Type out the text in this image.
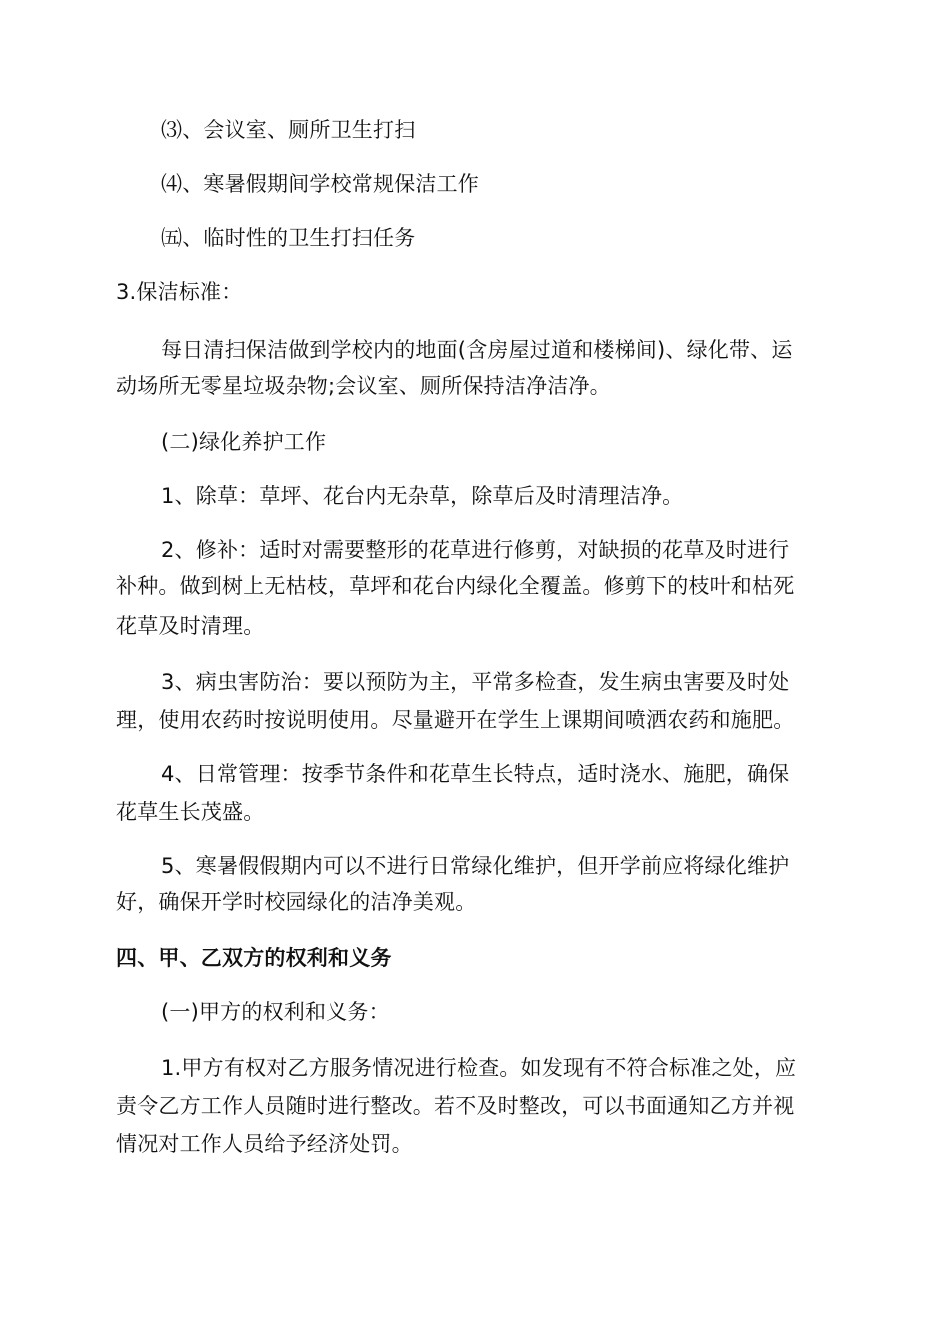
⑶、会议室、厕所卫生打扫
⑷、寒暑假期间学校常规保洁工作
㈤、临时性的卫生打扫任务
3.保洁标准：
每日清扫保洁做到学校内的地面(含房屋过道和楼梯间)、绿化带、运
动场所无零星垃圾杂物;会议室、厕所保持洁净洁净。
(二)绿化养护工作
1、除草：草坪、花台内无杂草，除草后及时清理洁净。
2、修补：适时对需要整形的花草进行修剪，对缺损的花草及时进行
补种。做到树上无枯枝，草坪和花台内绿化全覆盖。修剪下的枝叶和枯死
花草及时清理。
3、病虫害防治：要以预防为主，平常多检查，发生病虫害要及时处
理，使用农药时按说明使用。尽量避开在学生上课期间喷洒农药和施肥。
4、日常管理：按季节条件和花草生长特点，适时浇水、施肥，确保
花草生长茂盛。
5、寒暑假假期内可以不进行日常绿化维护，但开学前应将绿化维护
好，确保开学时校园绿化的洁净美观。
四、甲、乙双方的权利和义务
(一)甲方的权利和义务：
1.甲方有权对乙方服务情况进行检查。如发现有不符合标准之处，应
责令乙方工作人员随时进行整改。若不及时整改，可以书面通知乙方并视
情况对工作人员给予经济处罚。
